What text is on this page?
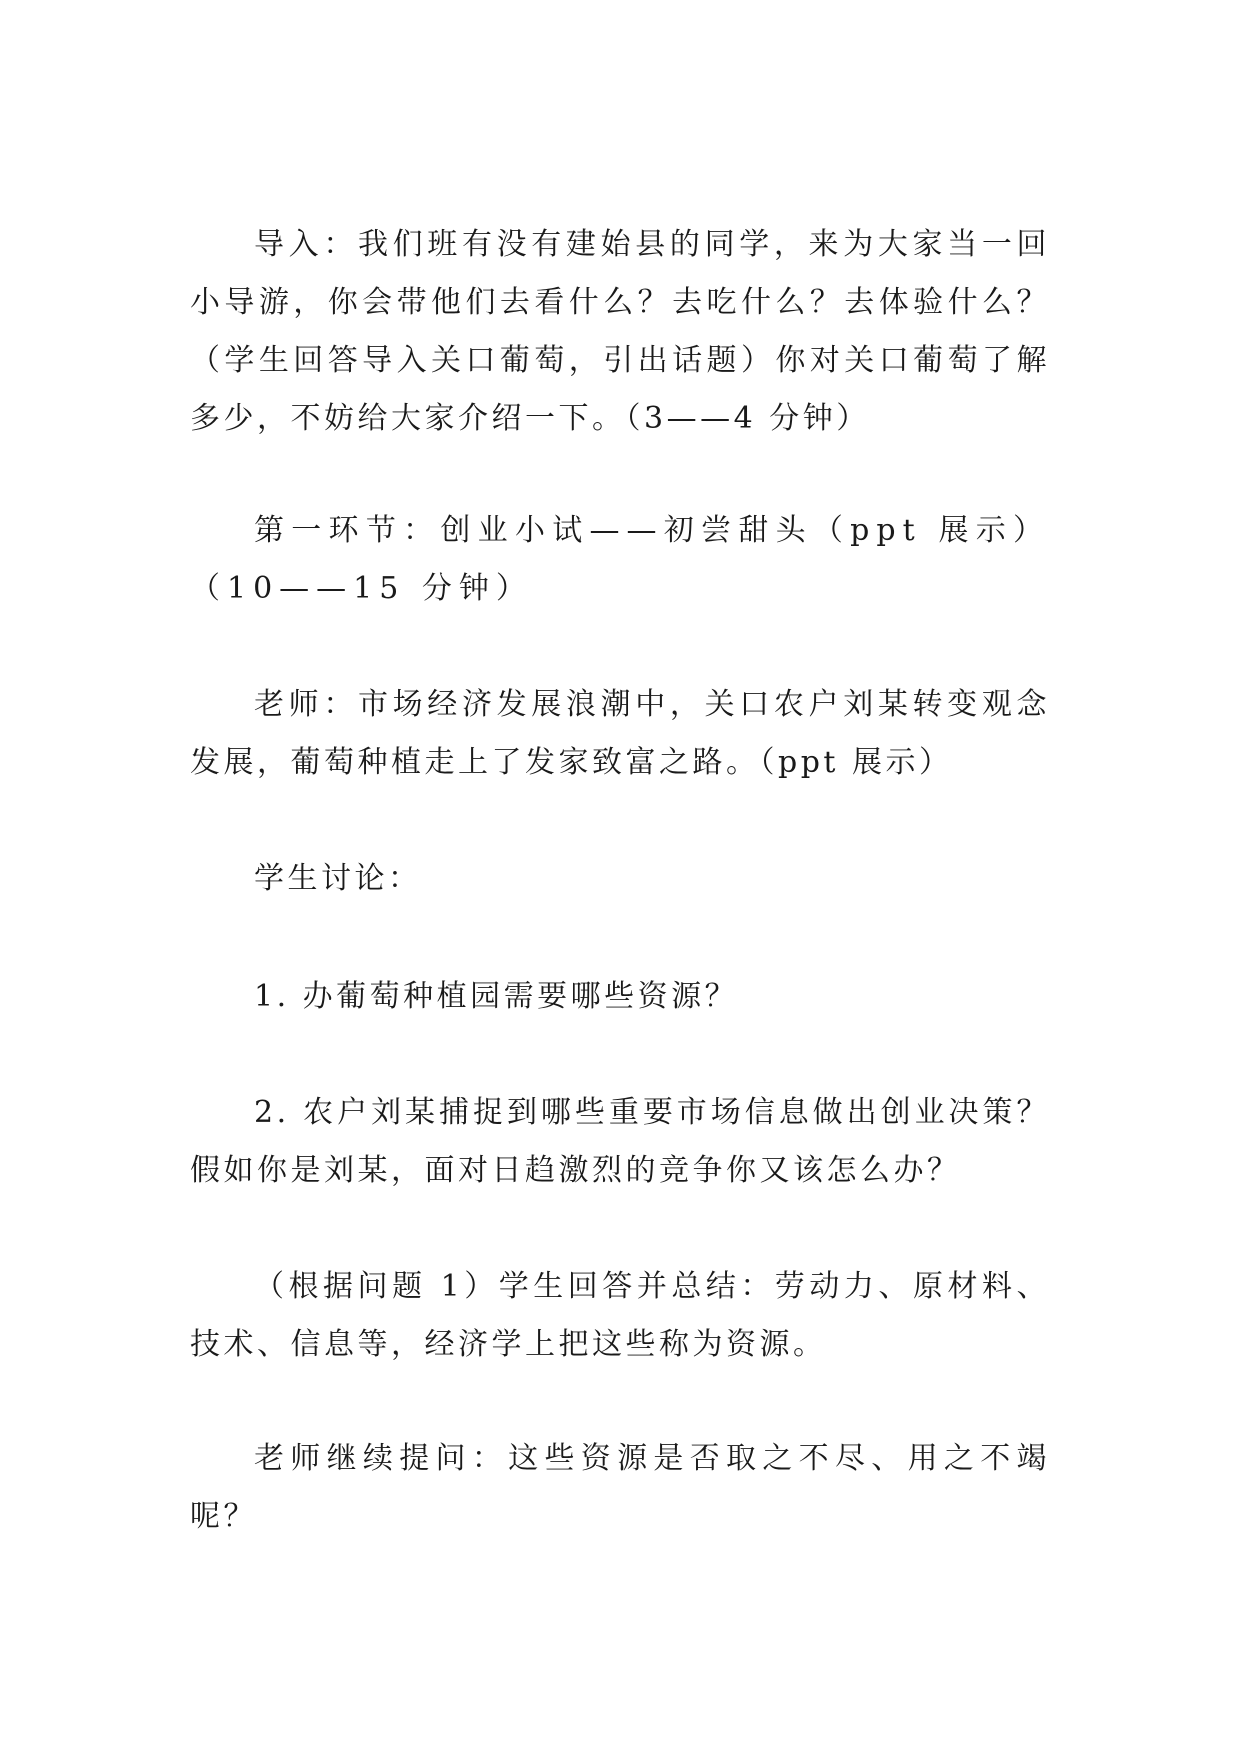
导入：我们班有没有建始县的同学，来为大家当一回小导游，你会带他们去看什么？去吃什么？去体验什么？（学生回答导入关口葡萄，引出话题）你对关口葡萄了解多少，不妨给大家介绍一下。（3——4 分钟）

第一环节：创业小试——初尝甜头（ppt 展示）（10——15 分钟）

老师：市场经济发展浪潮中，关口农户刘某转变观念发展，葡萄种植走上了发家致富之路。（ppt 展示）

学生讨论：

1. 办葡萄种植园需要哪些资源？

2. 农户刘某捕捉到哪些重要市场信息做出创业决策？假如你是刘某，面对日趋激烈的竞争你又该怎么办？

（根据问题 1）学生回答并总结：劳动力、原材料、技术、信息等，经济学上把这些称为资源。

老师继续提问：这些资源是否取之不尽、用之不竭呢？
